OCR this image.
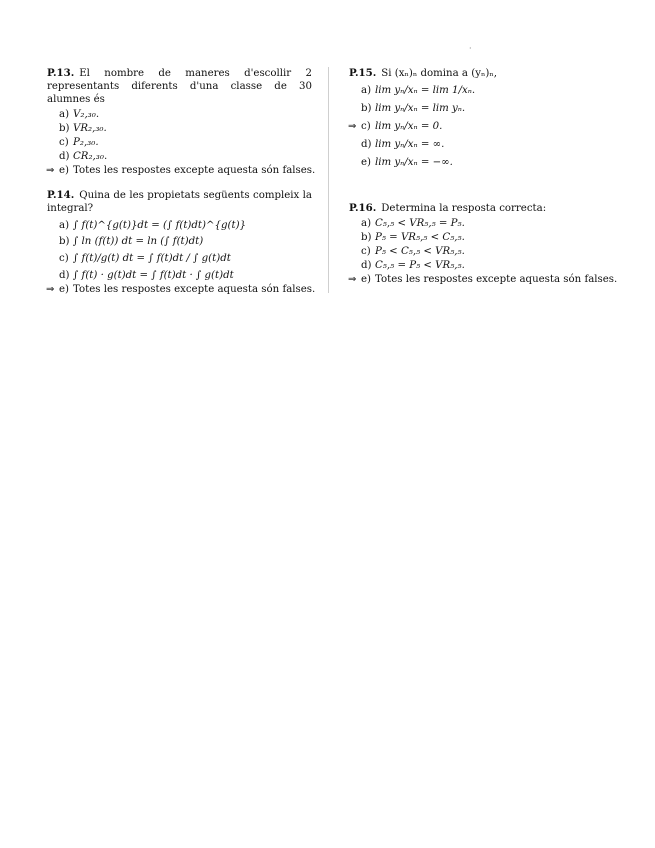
·
P.13. El nombre de maneres d'escollir 2 representants diferents d'una classe de 30 alumnes és
a) V₂,₃₀.
b) VR₂,₃₀.
c) P₂,₃₀.
d) CR₂,₃₀.
⇒ e) Totes les respostes excepte aquesta són falses.
P.14. Quina de les propietats següents compleix la integral?
a) ∫ f(t)^{g(t)}dt = (∫ f(t)dt)^{g(t)}
b) ∫ ln (f(t)) dt = ln (∫ f(t)dt)
c) ∫ f(t)/g(t) dt = ∫ f(t)dt / ∫ g(t)dt
d) ∫ f(t) · g(t)dt = ∫ f(t)dt · ∫ g(t)dt
⇒ e) Totes les respostes excepte aquesta són falses.
P.15. Si (xₙ)ₙ domina a (yₙ)ₙ,
a) lim yₙ/xₙ = lim 1/xₙ.
b) lim yₙ/xₙ = lim yₙ.
⇒ c) lim yₙ/xₙ = 0.
d) lim yₙ/xₙ = ∞.
e) lim yₙ/xₙ = −∞.
P.16. Determina la resposta correcta:
a) C₅,₅ < VR₅,₅ = P₅.
b) P₅ = VR₅,₅ < C₅,₅.
c) P₅ < C₅,₅ < VR₅,₅.
d) C₅,₅ = P₅ < VR₅,₅.
⇒ e) Totes les respostes excepte aquesta són falses.
